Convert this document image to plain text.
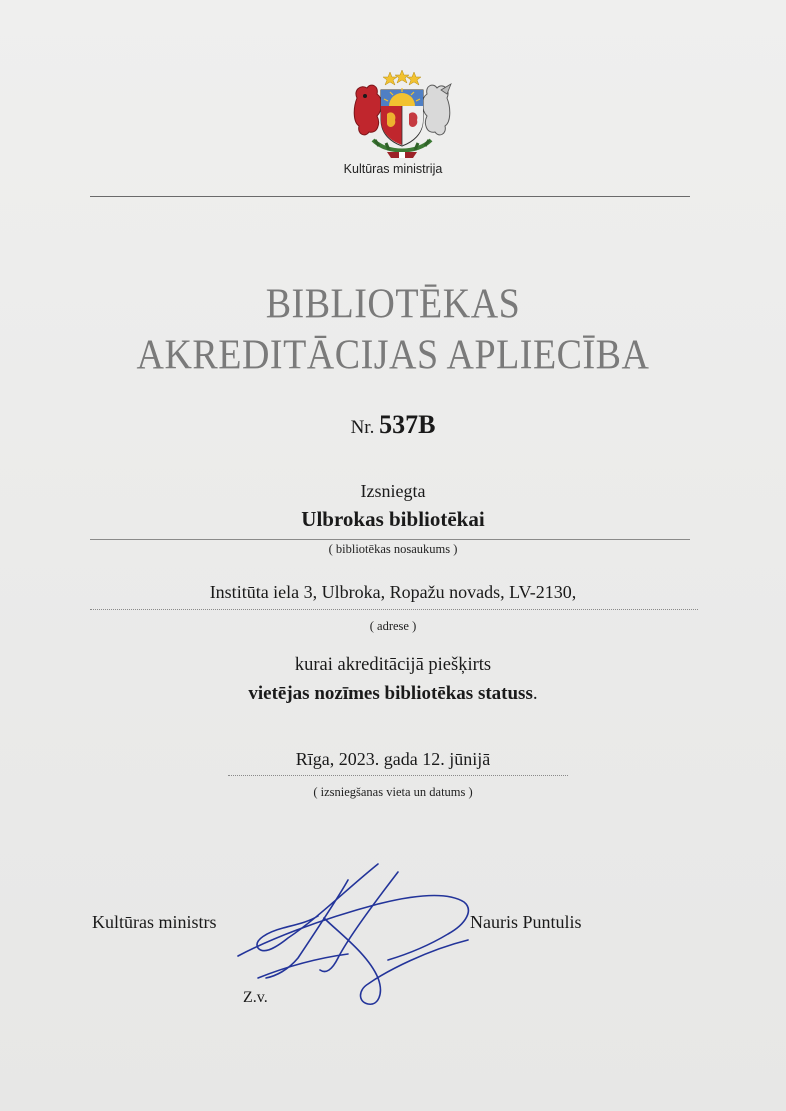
Kultūras ministrija
BIBLIOTĒKAS
AKREDITĀCIJAS APLIECĪBA
Nr. 537B
Izsniegta
Ulbrokas bibliotēkai
( bibliotēkas nosaukums )
Institūta iela 3, Ulbroka, Ropažu novads, LV-2130,
( adrese )
kurai akreditācijā piešķirts
vietējas nozīmes bibliotēkas statuss.
Rīga, 2023. gada 12. jūnijā
( izsniegšanas vieta un datums )
Kultūras ministrs	Nauris Puntulis
Z.v.
